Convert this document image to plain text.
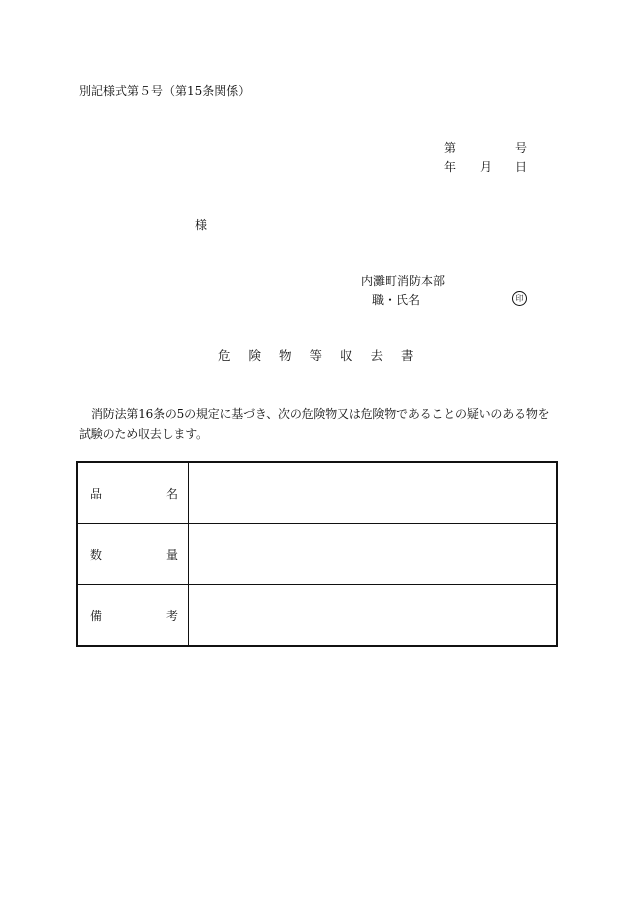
別記様式第５号（第15条関係）
第	号
年 月 日
様
内灘町消防本部
職・氏名	印
危険物等収去書
消防法第16条の5の規定に基づき、次の危険物又は危険物であることの疑いのある物を試験のため収去します。
品 名	

数 量	

備 考	
